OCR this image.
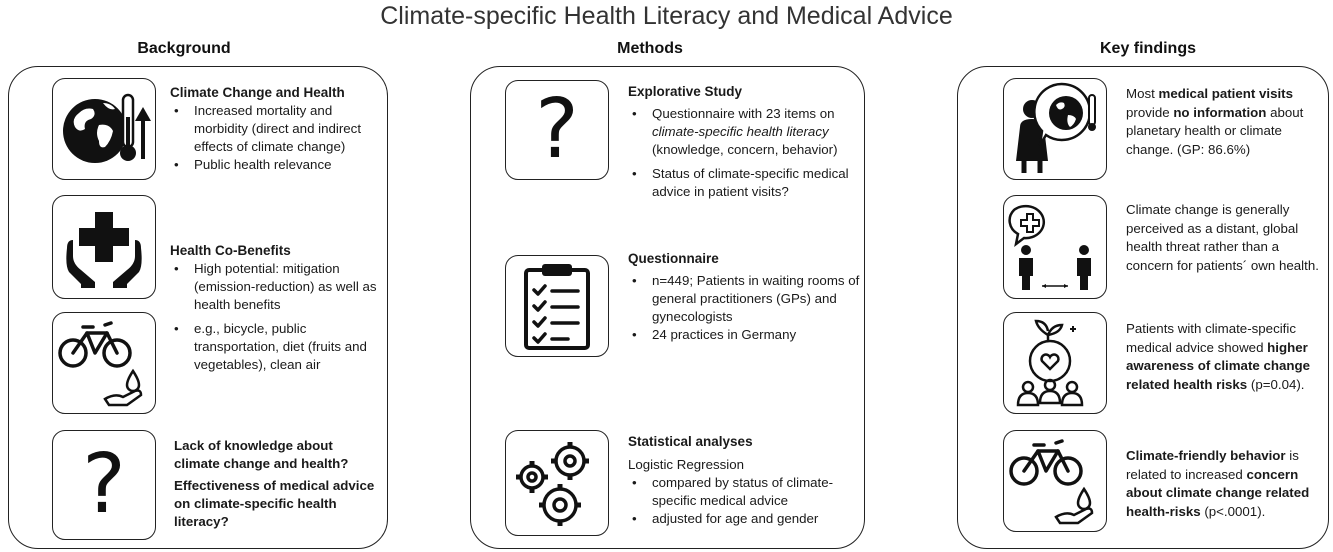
Climate-specific Health Literacy and Medical Advice
Background	Methods	Key findings
Climate Change and Health
• Increased mortality and morbidity (direct and indirect effects of climate change)
• Public health relevance
Health Co-Benefits
• High potential: mitigation (emission-reduction) as well as health benefits
• e.g., bicycle, public transportation, diet (fruits and vegetables), clean air
?	Lack of knowledge about climate change and health?
Effectiveness of medical advice on climate-specific health literacy?
?	Explorative Study
• Questionnaire with 23 items on climate-specific health literacy (knowledge, concern, behavior)
• Status of climate-specific medical advice in patient visits?
Questionnaire
• n=449; Patients in waiting rooms of general practitioners (GPs) and gynecologists
• 24 practices in Germany
Statistical analyses
Logistic Regression
• compared by status of climate-specific medical advice
• adjusted for age and gender
Most medical patient visits provide no information about planetary health or climate change. (GP: 86.6%)
Climate change is generally perceived as a distant, global health threat rather than a concern for patients´ own health.
Patients with climate-specific medical advice showed higher awareness of climate change related health risks (p=0.04).
Climate-friendly behavior is related to increased concern about climate change related health-risks (p<.0001).
